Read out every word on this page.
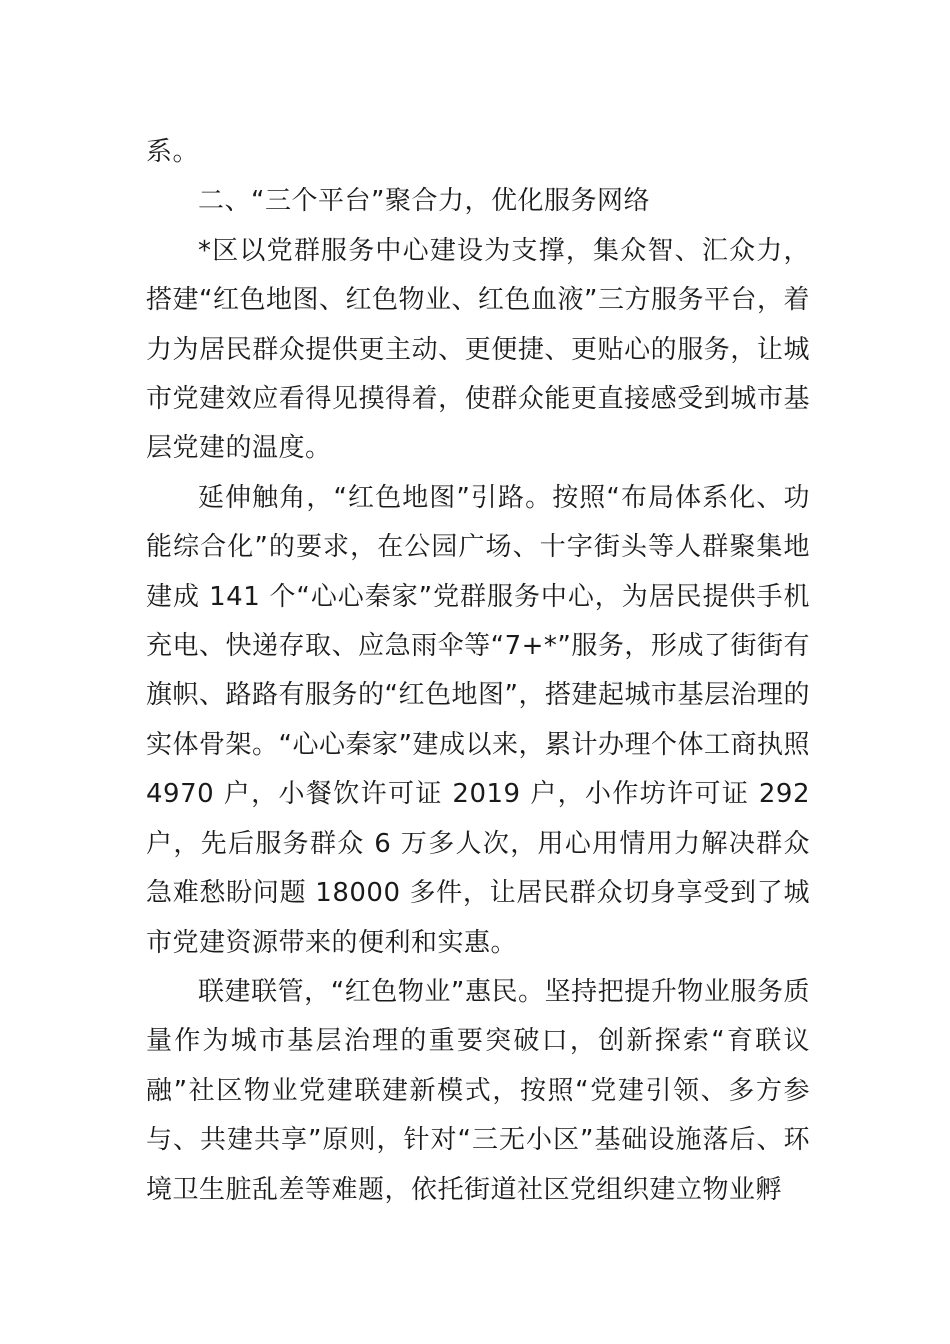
系。

二、“三个平台”聚合力，优化服务网络

*区以党群服务中心建设为支撑，集众智、汇众力，搭建“红色地图、红色物业、红色血液”三方服务平台，着力为居民群众提供更主动、更便捷、更贴心的服务，让城市党建效应看得见摸得着，使群众能更直接感受到城市基层党建的温度。

延伸触角，“红色地图”引路。按照“布局体系化、功能综合化”的要求，在公园广场、十字街头等人群聚集地建成 141 个“心心秦家”党群服务中心，为居民提供手机充电、快递存取、应急雨伞等“7+*”服务，形成了街街有旗帜、路路有服务的“红色地图”，搭建起城市基层治理的实体骨架。“心心秦家”建成以来，累计办理个体工商执照 4970 户，小餐饮许可证 2019 户，小作坊许可证 292 户，先后服务群众 6 万多人次，用心用情用力解决群众急难愁盼问题 18000 多件，让居民群众切身享受到了城市党建资源带来的便利和实惠。

联建联管，“红色物业”惠民。坚持把提升物业服务质量作为城市基层治理的重要突破口，创新探索“育联议融”社区物业党建联建新模式，按照“党建引领、多方参与、共建共享”原则，针对“三无小区”基础设施落后、环境卫生脏乱差等难题，依托街道社区党组织建立物业孵
